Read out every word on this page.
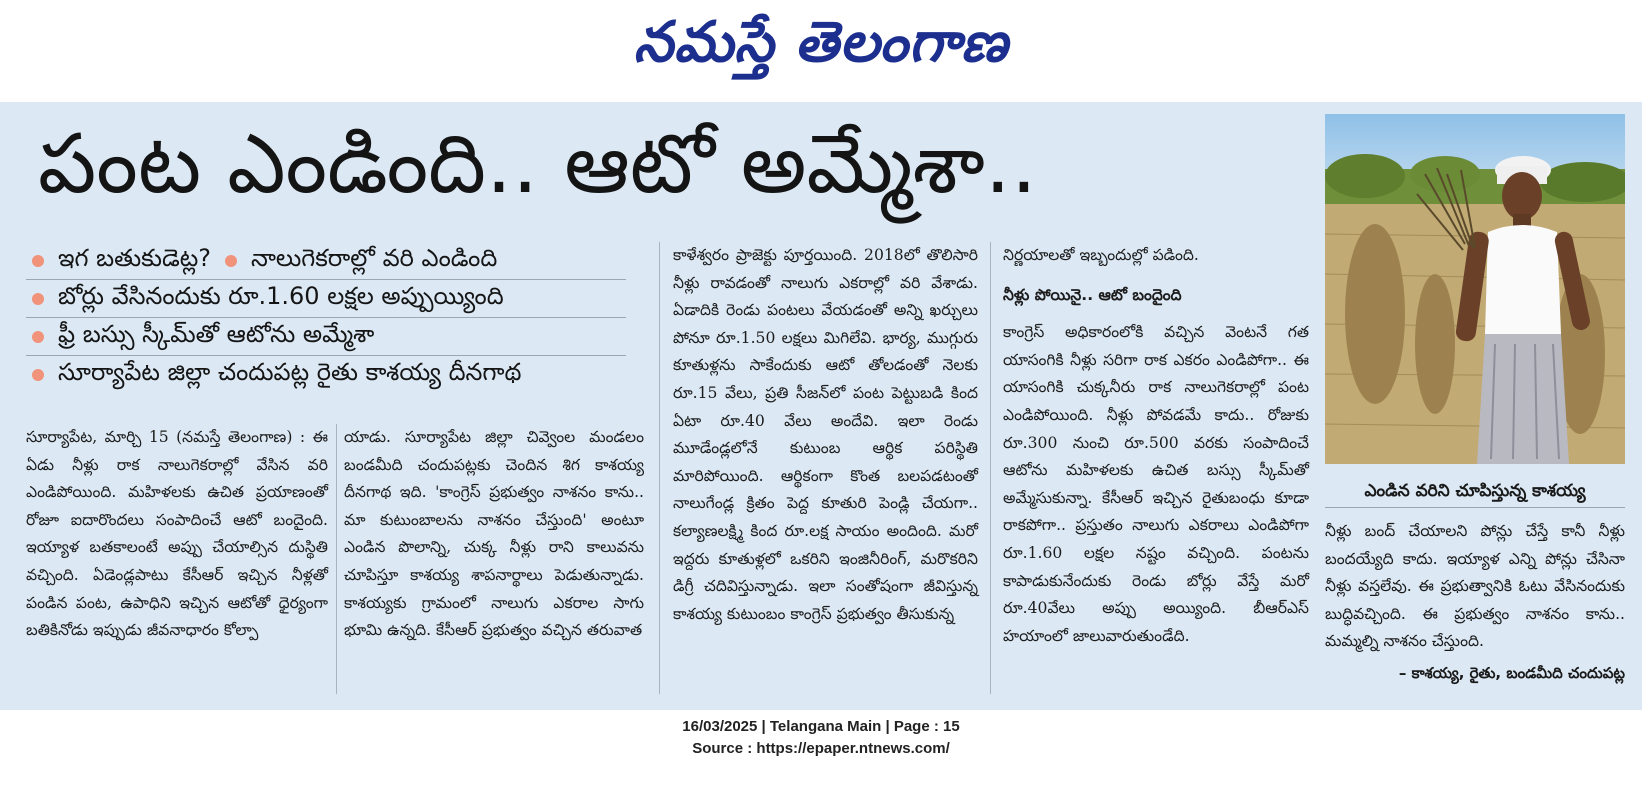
నమస్తే తెలంగాణ
పంట ఎండింది.. ఆటో అమ్మేశా..
ఇగ బతుకుడెట్ల? నాలుగెకరాల్లో వరి ఎండింది
బోర్లు వేసినందుకు రూ.1.60 లక్షల అప్పుయ్యింది
ఫ్రీ బస్సు స్కీమ్‌తో ఆటోను అమ్మేశా
సూర్యాపేట జిల్లా చందుపట్ల రైతు కాశయ్య దీనగాథ

సూర్యాపేట, మార్చి 15 (నమస్తే తెలంగాణ) : ఈ ఏడు నీళ్లు రాక నాలుగెకరాల్లో వేసిన వరి ఎండిపోయింది. మహిళలకు ఉచిత ప్రయాణంతో రోజూ ఐదారొందలు సంపాదించే ఆటో బందైంది. ఇయ్యాళ బతకాలంటే అప్పు చేయాల్సిన దుస్థితి వచ్చింది. ఏడెండ్లపాటు కేసీఆర్ ఇచ్చిన నీళ్లతో పండిన పంట, ఉపాధిని ఇచ్చిన ఆటోతో ధైర్యంగా బతికినోడు ఇప్పుడు జీవనాధారం కోల్పా

యాడు. సూర్యాపేట జిల్లా చివ్వెంల మండలం బండమీది చందుపట్లకు చెందిన శిగ కాశయ్య దీనగాథ ఇది. 'కాంగ్రెస్ ప్రభుత్వం నాశనం కాను.. మా కుటుంబాలను నాశనం చేస్తుంది' అంటూ ఎండిన పొలాన్ని, చుక్క నీళ్లు రాని కాలువను చూపిస్తూ కాశయ్య శాపనార్థాలు పెడుతున్నాడు. కాశయ్యకు గ్రామంలో నాలుగు ఎకరాల సాగు భూమి ఉన్నది. కేసీఆర్ ప్రభుత్వం వచ్చిన తరువాత

కాళేశ్వరం ప్రాజెక్టు పూర్తయింది. 2018లో తొలిసారి నీళ్లు రావడంతో నాలుగు ఎకరాల్లో వరి వేశాడు. ఏడాదికి రెండు పంటలు వేయడంతో అన్ని ఖర్చులు పోనూ రూ.1.50 లక్షలు మిగిలేవి. భార్య, ముగ్గురు కూతుళ్లను సాకేందుకు ఆటో తోలడంతో నెలకు రూ.15 వేలు, ప్రతి సీజన్‌లో పంట పెట్టుబడి కింద ఏటా రూ.40 వేలు అందేవి. ఇలా రెండు మూడేండ్లలోనే కుటుంబ ఆర్థిక పరిస్థితి మారిపోయింది. ఆర్థికంగా కొంత బలపడటంతో నాలుగేండ్ల క్రితం పెద్ద కూతురి పెండ్లి చేయగా.. కల్యాణలక్ష్మి కింద రూ.లక్ష సాయం అందింది. మరో ఇద్దరు కూతుళ్లలో ఒకరిని ఇంజినీరింగ్, మరొకరిని డిగ్రీ చదివిస్తున్నాడు. ఇలా సంతోషంగా జీవిస్తున్న కాశయ్య కుటుంబం కాంగ్రెస్ ప్రభుత్వం తీసుకున్న

నిర్ణయాలతో ఇబ్బందుల్లో పడింది.

నీళ్లు పోయినై.. ఆటో బందైంది

కాంగ్రెస్ అధికారంలోకి వచ్చిన వెంటనే గత యాసంగికి నీళ్లు సరిగా రాక ఎకరం ఎండిపోగా.. ఈ యాసంగికి చుక్కనీరు రాక నాలుగెకరాల్లో పంట ఎండిపోయింది. నీళ్లు పోవడమే కాదు.. రోజుకు రూ.300 నుంచి రూ.500 వరకు సంపాదించే ఆటోను మహిళలకు ఉచిత బస్సు స్కీమ్‌తో అమ్మేసుకున్నా. కేసీఆర్ ఇచ్చిన రైతుబంధు కూడా రాకపోగా.. ప్రస్తుతం నాలుగు ఎకరాలు ఎండిపోగా రూ.1.60 లక్షల నష్టం వచ్చింది. పంటను కాపాడుకునేందుకు రెండు బోర్లు వేస్తే మరో రూ.40వేలు అప్పు అయ్యింది. బీఆర్ఎస్ హయాంలో జాలువారుతుండేది.

ఎండిన వరిని చూపిస్తున్న కాశయ్య

నీళ్లు బంద్ చేయాలని పోన్లు చేస్తే కానీ నీళ్లు బందయ్యేది కాదు. ఇయ్యాళ ఎన్ని పోన్లు చేసినా నీళ్లు వస్తలేవు. ఈ ప్రభుత్వానికి ఓటు వేసినందుకు బుద్ధివచ్చింది. ఈ ప్రభుత్వం నాశనం కాను.. మమ్మల్ని నాశనం చేస్తుంది.

– కాశయ్య, రైతు, బండమీది చందుపట్ల
16/03/2025 | Telangana Main | Page : 15
Source : https://epaper.ntnews.com/
